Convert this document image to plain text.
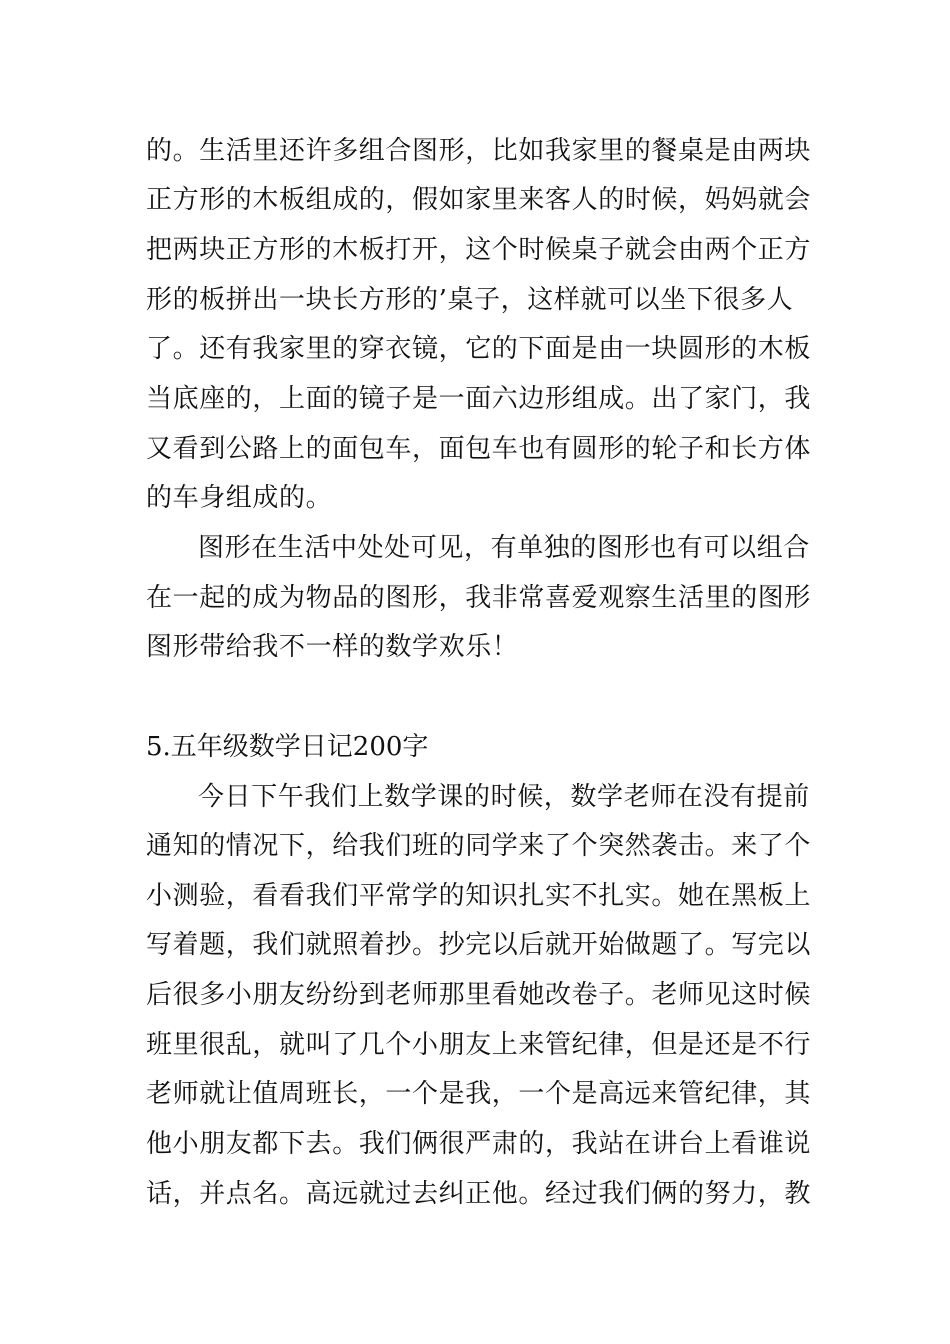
的。生活里还许多组合图形，比如我家里的餐桌是由两块
正方形的木板组成的，假如家里来客人的时候，妈妈就会
把两块正方形的木板打开，这个时候桌子就会由两个正方
形的板拼出一块长方形的’桌子，这样就可以坐下很多人
了。还有我家里的穿衣镜，它的下面是由一块圆形的木板
当底座的，上面的镜子是一面六边形组成。出了家门，我
又看到公路上的面包车，面包车也有圆形的轮子和长方体
的车身组成的。
图形在生活中处处可见，有单独的图形也有可以组合
在一起的成为物品的图形，我非常喜爱观察生活里的图形
图形带给我不一样的数学欢乐！
5.五年级数学日记200字
今日下午我们上数学课的时候，数学老师在没有提前
通知的情况下，给我们班的同学来了个突然袭击。来了个
小测验，看看我们平常学的知识扎实不扎实。她在黑板上
写着题，我们就照着抄。抄完以后就开始做题了。写完以
后很多小朋友纷纷到老师那里看她改卷子。老师见这时候
班里很乱，就叫了几个小朋友上来管纪律，但是还是不行
老师就让值周班长，一个是我，一个是高远来管纪律，其
他小朋友都下去。我们俩很严肃的，我站在讲台上看谁说
话，并点名。高远就过去纠正他。经过我们俩的努力，教
